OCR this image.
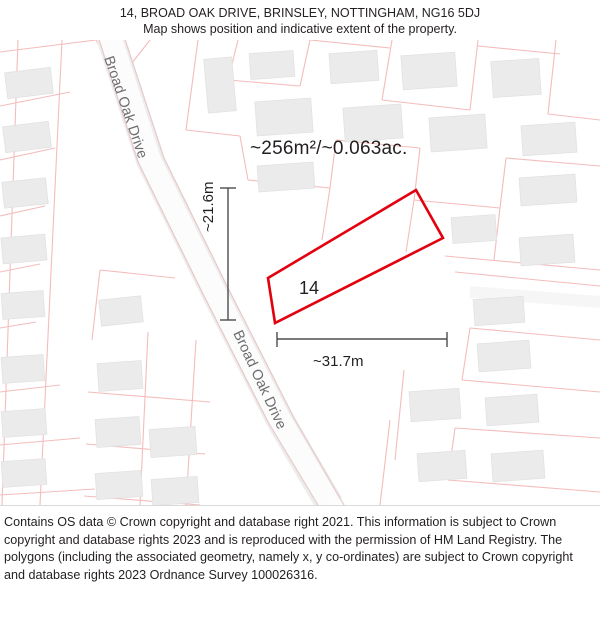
14, BROAD OAK DRIVE, BRINSLEY, NOTTINGHAM, NG16 5DJ
Map shows position and indicative extent of the property.
Broad Oak Drive
Broad Oak Drive
~256m²/~0.063ac.
14
~31.7m
~21.6m

Contains OS data © Crown copyright and database right 2021. This information is subject to Crown copyright and database rights 2023 and is reproduced with the permission of HM Land Registry. The polygons (including the associated geometry, namely x, y co-ordinates) are subject to Crown copyright and database rights 2023 Ordnance Survey 100026316.
